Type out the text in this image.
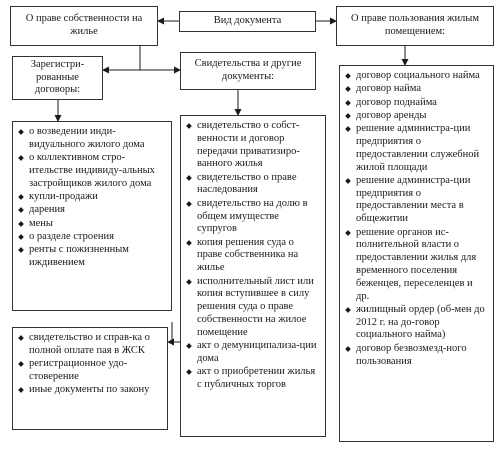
О праве собственности на жилье
Вид документа	О праве пользования жилым помещением:
Зарегистри-рованные договоры:
Свидетельства и другие документы:
о возведении инди-видуального жилого дома
о коллективном стро-ительстве индивиду-альных застройщиков жилого дома
купли-продажи
дарения
мены
о разделе строения
ренты с пожизненным иждивением
свидетельство о собст-венности и договор передачи приватизиро-ванного жилья
свидетельство о праве наследования
свидетельство на долю в общем имуществе супругов
копия решения суда о праве собственника на жилье
исполнительный лист или копия вступившее в силу решения суда о праве собственности на жилое помещение
акт о демуниципализа-ции дома
акт о приобретении жилья с публичных торгов
свидетельство и справ-ка о полной оплате пая в ЖСК
регистрационное удо-стоверение
иные документы по закону
договор социального найма
договор найма
договор поднайма
договор аренды
решение администра-ции предприятия о предоставлении служебной жилой площади
решение администра-ции предприятия о предоставлении места в общежитии
решение органов ис-полнительной власти о предоставлении жилья для временного поселения беженцев, переселенцев и др.
жилищный ордер (об-мен до 2012 г. на до-говор социального найма)
договор безвозмезд-ного пользования
